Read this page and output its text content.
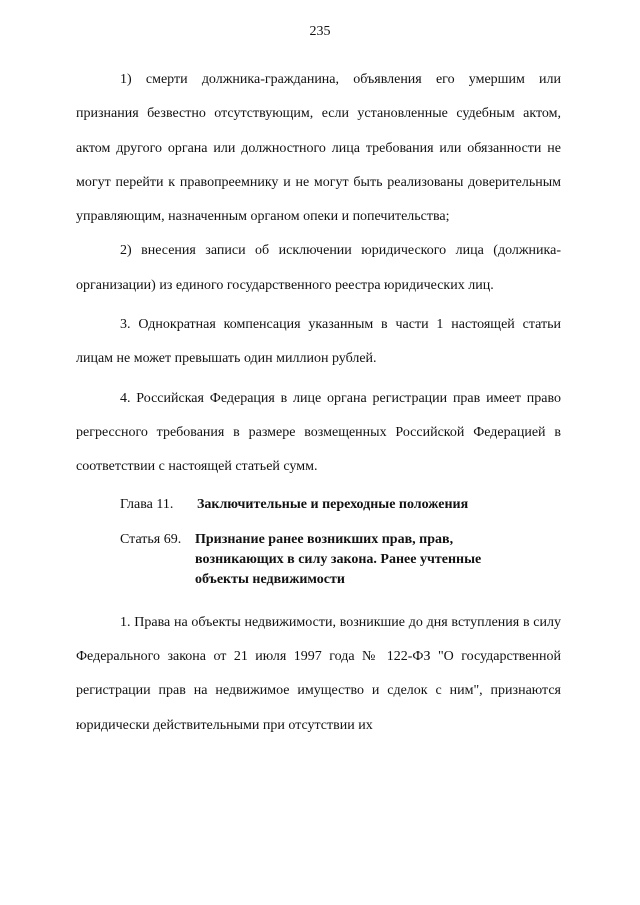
235

1) смерти должника-гражданина, объявления его умершим или признания безвестно отсутствующим, если установленные судебным актом, актом другого органа или должностного лица требования или обязанности не могут перейти к правопреемнику и не могут быть реализованы доверительным управляющим, назначенным органом опеки и попечительства;

2) внесения записи об исключении юридического лица (должника-организации) из единого государственного реестра юридических лиц.

3. Однократная компенсация указанным в части 1 настоящей статьи лицам не может превышать один миллион рублей.

4. Российская Федерация в лице органа регистрации прав имеет право регрессного требования в размере возмещенных Российской Федерацией в соответствии с настоящей статьей сумм.

Глава 11. Заключительные и переходные положения

Статья 69. Признание ранее возникших прав, прав,
возникающих в силу закона. Ранее учтенные
объекты недвижимости

1. Права на объекты недвижимости, возникшие до дня вступления в силу Федерального закона от 21 июля 1997 года № 122-ФЗ "О государственной регистрации прав на недвижимое имущество и сделок с ним", признаются юридически действительными при отсутствии их
